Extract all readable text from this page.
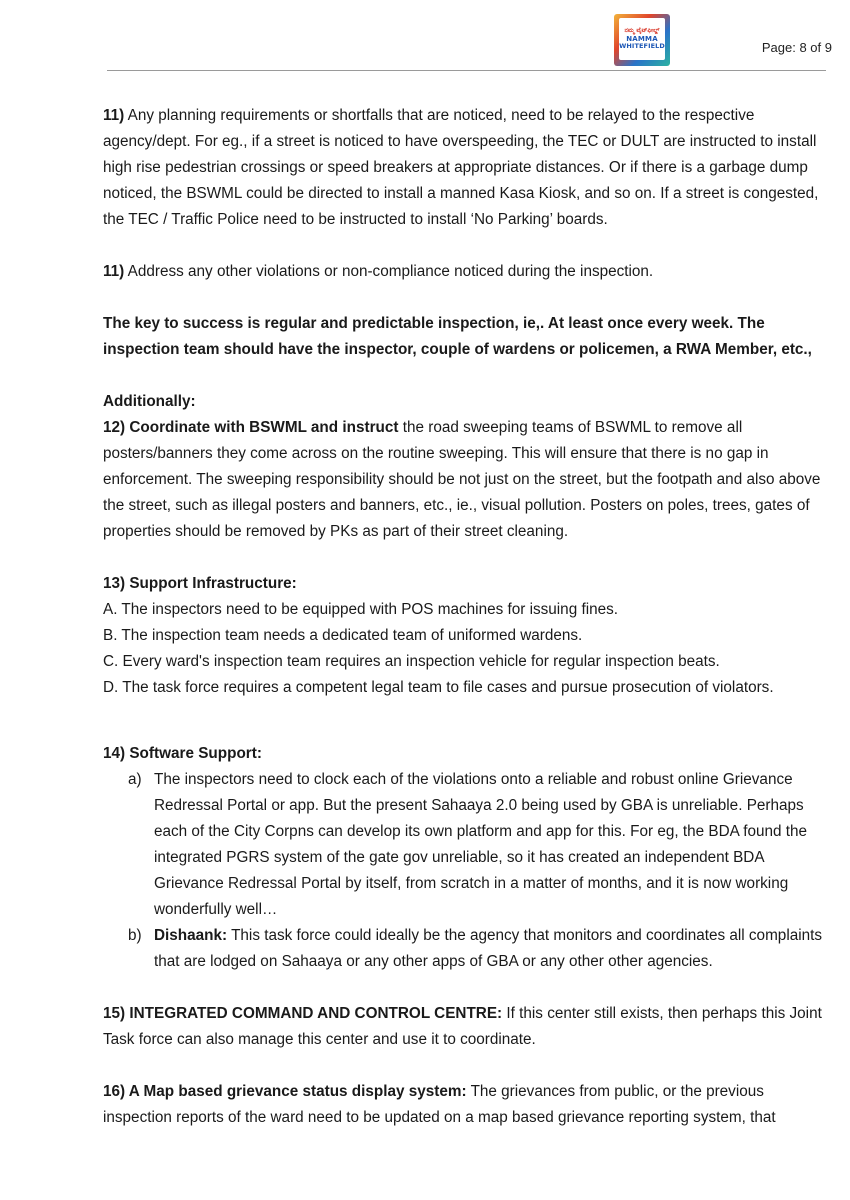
ನಮ್ಮ ವೈಟ್‌ಫೀಲ್ಡ್
NAMMA
WHITEFIELD	Page: 8 of 9

11) Any planning requirements or shortfalls that are noticed, need to be relayed to the respective agency/dept. For eg., if a street is noticed to have overspeeding, the TEC or DULT are instructed to install high rise pedestrian crossings or speed breakers at appropriate distances. Or if there is a garbage dump noticed, the BSWML could be directed to install a manned Kasa Kiosk, and so on. If a street is congested, the TEC / Traffic Police need to be instructed to install ‘No Parking’ boards.

11) Address any other violations or non-compliance noticed during the inspection.

The key to success is regular and predictable inspection, ie,. At least once every week. The inspection team should have the inspector, couple of wardens or policemen, a RWA Member, etc.,

Additionally:

12) Coordinate with BSWML and instruct the road sweeping teams of BSWML to remove all posters/banners they come across on the routine sweeping. This will ensure that there is no gap in enforcement. The sweeping responsibility should be not just on the street, but the footpath and also above the street, such as illegal posters and banners, etc., ie., visual pollution. Posters on poles, trees, gates of properties should be removed by PKs as part of their street cleaning.

13) Support Infrastructure:

A. The inspectors need to be equipped with POS machines for issuing fines.

B. The inspection team needs a dedicated team of uniformed wardens.

C. Every ward's inspection team requires an inspection vehicle for regular inspection beats.

D. The task force requires a competent legal team to file cases and pursue prosecution of violators.

14) Software Support:

a) The inspectors need to clock each of the violations onto a reliable and robust online Grievance Redressal Portal or app. But the present Sahaaya 2.0 being used by GBA is unreliable. Perhaps each of the City Corpns can develop its own platform and app for this. For eg, the BDA found the integrated PGRS system of the gate gov unreliable, so it has created an independent BDA Grievance Redressal Portal by itself, from scratch in a matter of months, and it is now working wonderfully well…
b) Dishaank: This task force could ideally be the agency that monitors and coordinates all complaints that are lodged on Sahaaya or any other apps of GBA or any other other agencies.

15) INTEGRATED COMMAND AND CONTROL CENTRE: If this center still exists, then perhaps this Joint Task force can also manage this center and use it to coordinate.

16) A Map based grievance status display system: The grievances from public, or the previous inspection reports of the ward need to be updated on a map based grievance reporting system, that
